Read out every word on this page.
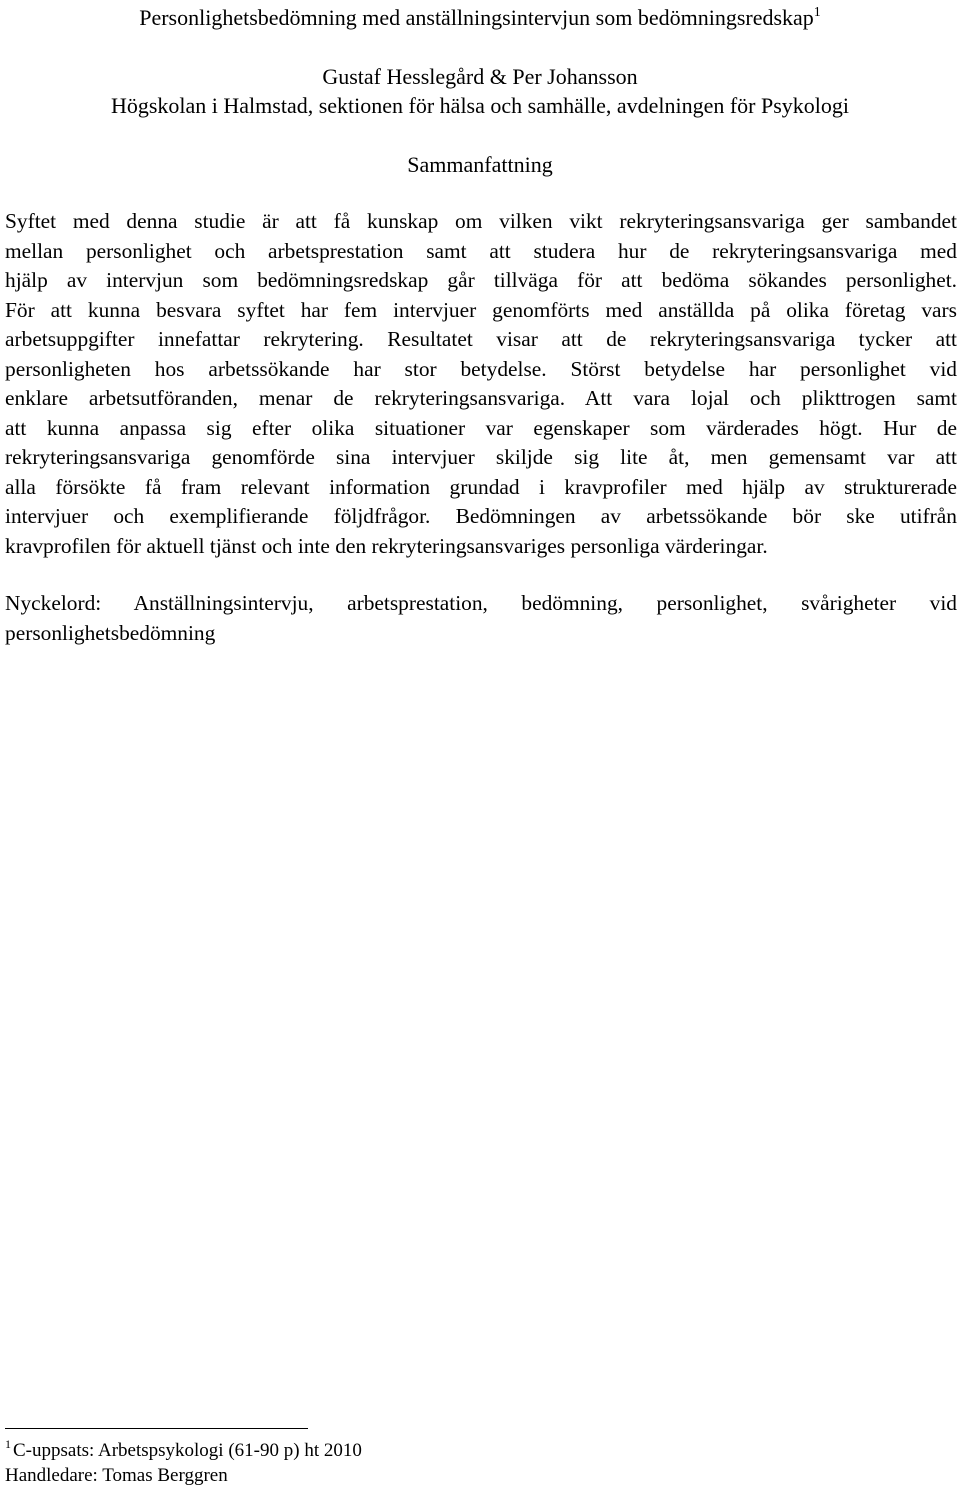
Personlighetsbedömning med anställningsintervjun som bedömningsredskap$^1$
Gustaf Hesslegård & Per Johansson
Högskolan i Halmstad, sektionen för hälsa och samhälle, avdelningen för Psykologi
Sammanfattning
Syftet med denna studie är att få kunskap om vilken vikt rekryteringsansvariga ger sambandet
mellan personlighet och arbetsprestation samt att studera hur de rekryteringsansvariga med
hjälp av intervjun som bedömningsredskap går tillväga för att bedöma sökandes personlighet.
För att kunna besvara syftet har fem intervjuer genomförts med anställda på olika företag vars
arbetsuppgifter innefattar rekrytering. Resultatet visar att de rekryteringsansvariga tycker att
personligheten hos arbetssökande har stor betydelse. Störst betydelse har personlighet vid
enklare arbetsutföranden, menar de rekryteringsansvariga. Att vara lojal och plikttrogen samt
att kunna anpassa sig efter olika situationer var egenskaper som värderades högt. Hur de
rekryteringsansvariga genomförde sina intervjuer skiljde sig lite åt, men gemensamt var att
alla försökte få fram relevant information grundad i kravprofiler med hjälp av strukturerade
intervjuer och exemplifierande följdfrågor. Bedömningen av arbetssökande bör ske utifrån
kravprofilen för aktuell tjänst och inte den rekryteringsansvariges personliga värderingar.
Nyckelord: Anställningsintervju, arbetsprestation, bedömning, personlighet, svårigheter vid
personlighetsbedömning
$^1$ C-uppsats: Arbetspsykologi (61-90 p) ht 2010
Handledare: Tomas Berggren
